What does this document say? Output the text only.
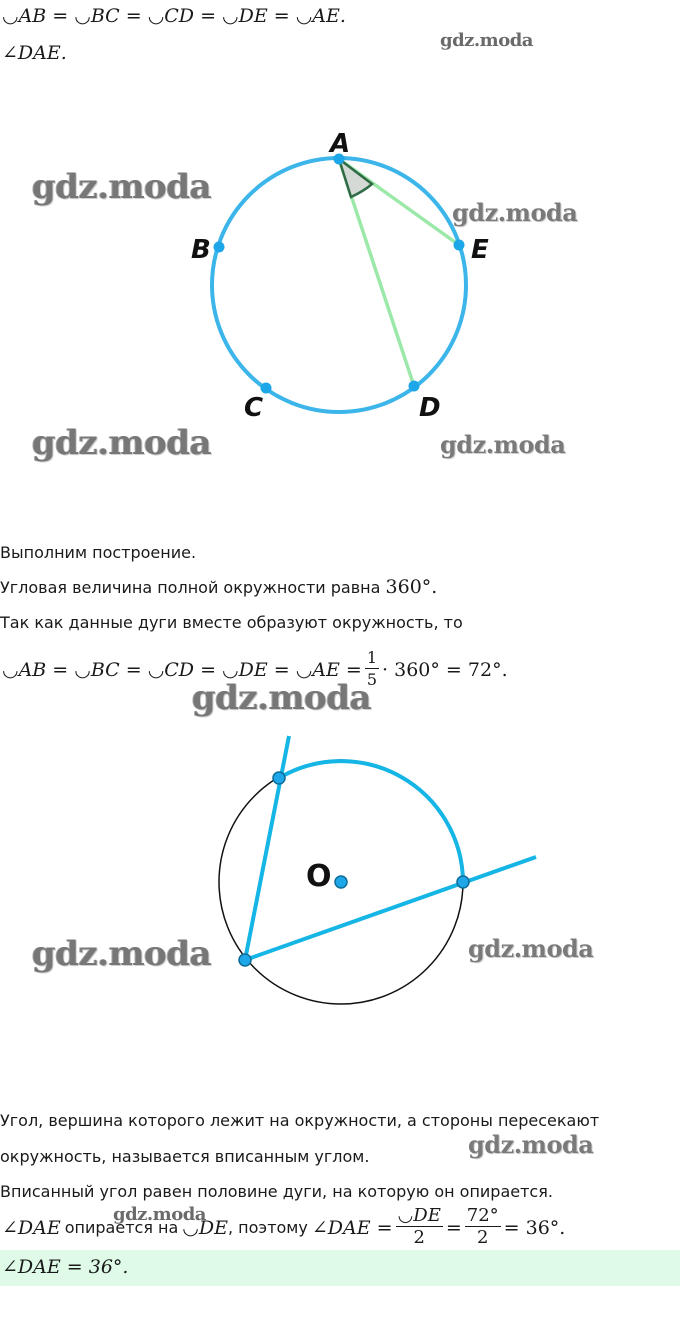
◡AB = ◡BC = ◡CD = ◡DE = ◡AE.
∠DAE.
A
B
C	D
E
Выполним построение.
Угловая величина полной окружности равна 360°.
Так как данные дуги вместе образуют окружность, то
◡AB = ◡BC = ◡CD = ◡DE = ◡AE = $\frac{1}{5} \cdot 360^\circ = 72^\circ$.
O
Угол, вершина которого лежит на окружности, а стороны пересекают
окружность, называется вписанным углом.
Вписанный угол равен половине дуги, на которую он опирается.
∠DAE опирается на ◡DE , поэтому ∠DAE = $\frac{◡DE}{2} = \frac{72^\circ}{2} = 36^\circ$.
∠DAE = 36°.
gdz.moda
gdz.moda
gdz.moda
gdz.moda	gdz.moda
gdz.moda
gdz.moda	gdz.moda
gdz.moda
gdz.moda
